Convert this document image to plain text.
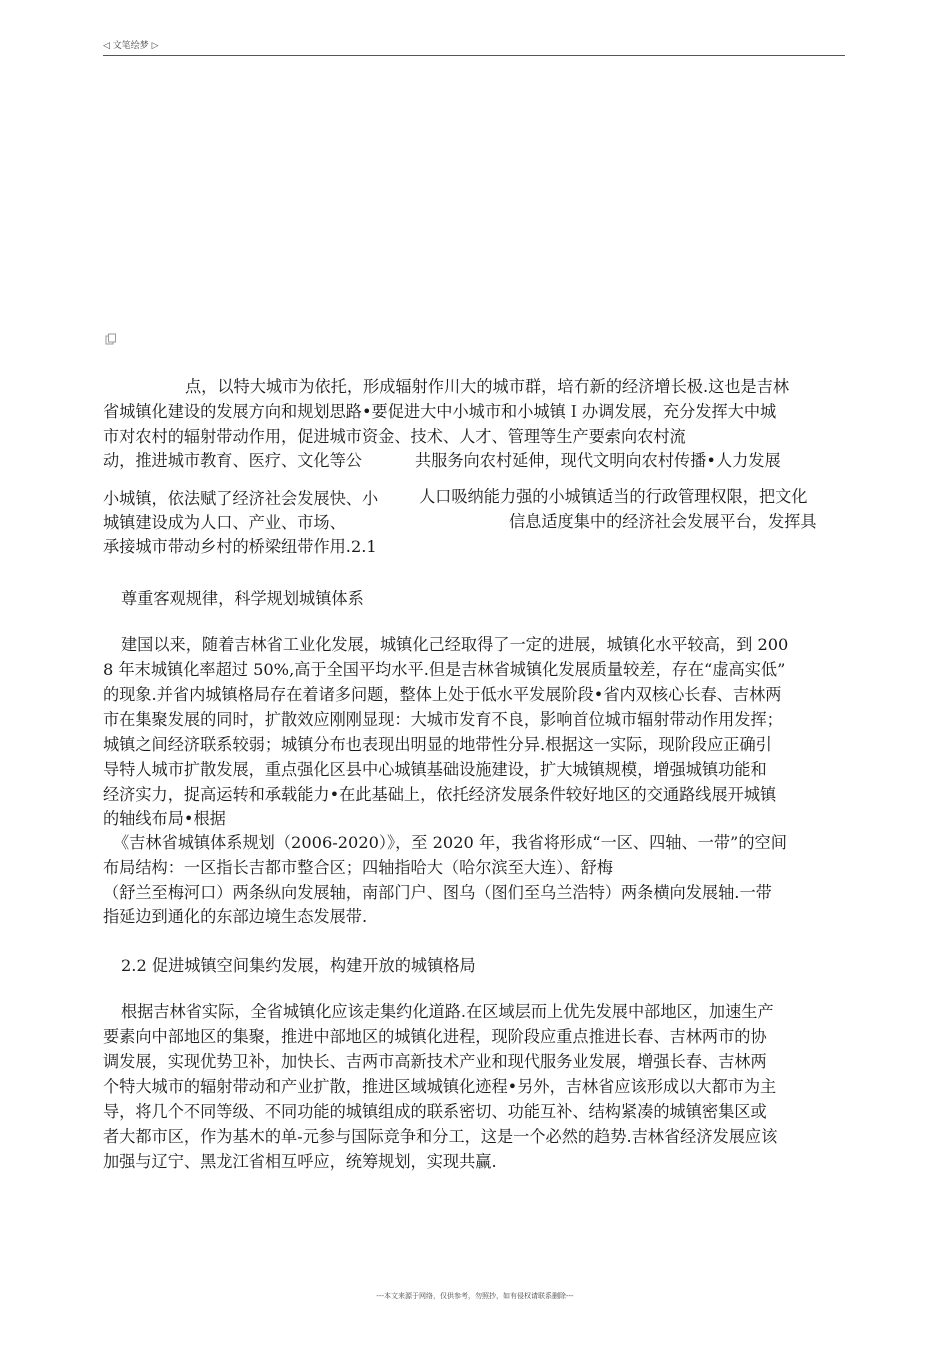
◁ 文笔绘梦 ▷
点，以特大城市为依托，形成辐射作川大的城市群，培冇新的经济增长极.这也是吉林
省城镇化建设的发展方向和规划思路•要促进大中小城市和小城镇Ｉ办调发展，充分发挥大中城
市对农村的辐射带动作用，促进城市资金、技术、人才、管理等生产要索向农村流
动，推进城市教育、医疗、文化等公	共服务向农村延伸，现代文明向农村传播•人力发展
小城镇，依法赋了经济社会发展快、小	人口吸纳能力强的小城镇适当的行政管理权限，把文化
城镇建设成为人口、产业、市场、	信息适度集中的经济社会发展平台，发挥具
承接城市带动乡村的桥梁纽带作用.2.1
尊重客观规律，科学规划城镇体系
建国以来，随着吉林省工业化发展，城镇化己经取得了一定的进展，城镇化水平较高，到 200
8 年末城镇化率超过 50%,高于全国平均水平.但是吉林省城镇化发展质量较差，存在“虚高实低”
的现象.并省内城镇格局存在着诸多问题，整体上处于低水平发展阶段•省内双核心长春、吉林两
市在集聚发展的同时，扩散效应刚刚显现：大城市发育不良，影响首位城市辐射带动作用发挥；
城镇之间经济联系较弱；城镇分布也表现出明显的地带性分异.根据这一实际，现阶段应正确引
导特人城市扩散发展，重点强化区县中心城镇基础设施建设，扩大城镇规模，增强城镇功能和
经济实力，捉高运转和承载能力•在此基础上，依托经济发展条件较好地区的交通路线展开城镇
的轴线布局•根据
《吉林省城镇体系规划（2006-2020）》，至 2020 年，我省将形成“一区、四轴、一带”的空间
布局结构：一区指长吉都市整合区；四轴指哈大（哈尔滨至大连）、舒梅
（舒兰至梅河口）两条纵向发展轴，南部门户、图乌（图们至乌兰浩特）两条横向发展轴.一带
指延边到通化的东部边境生态发展带.
2.2 促进城镇空间集约发展，构建开放的城镇格局
根据吉林省实际，全省城镇化应该走集约化道路.在区域层而上优先发展中部地区，加速生产
要素向中部地区的集聚，推进中部地区的城镇化进程，现阶段应重点推进长春、吉林两市的协
调发展，实现优势卫补，加快长、吉两市高新技术产业和现代服务业发展，增强长春、吉林两
个特大城市的辐射带动和产业扩散，推进区域城镇化迹程•另外，吉林省应该形成以大都市为主
导，将几个不同等级、不同功能的城镇组成的联系密切、功能互补、结构紧凑的城镇密集区或
者大都市区，作为基木的单-元参与国际竞争和分工，这是一个必然的趋势.吉林省经济发展应该
加强与辽宁、黑龙江省相互呼应，统筹规划，实现共赢.
---本文来源于网络，仅供参考，勿照抄，如有侵权请联系删除---
